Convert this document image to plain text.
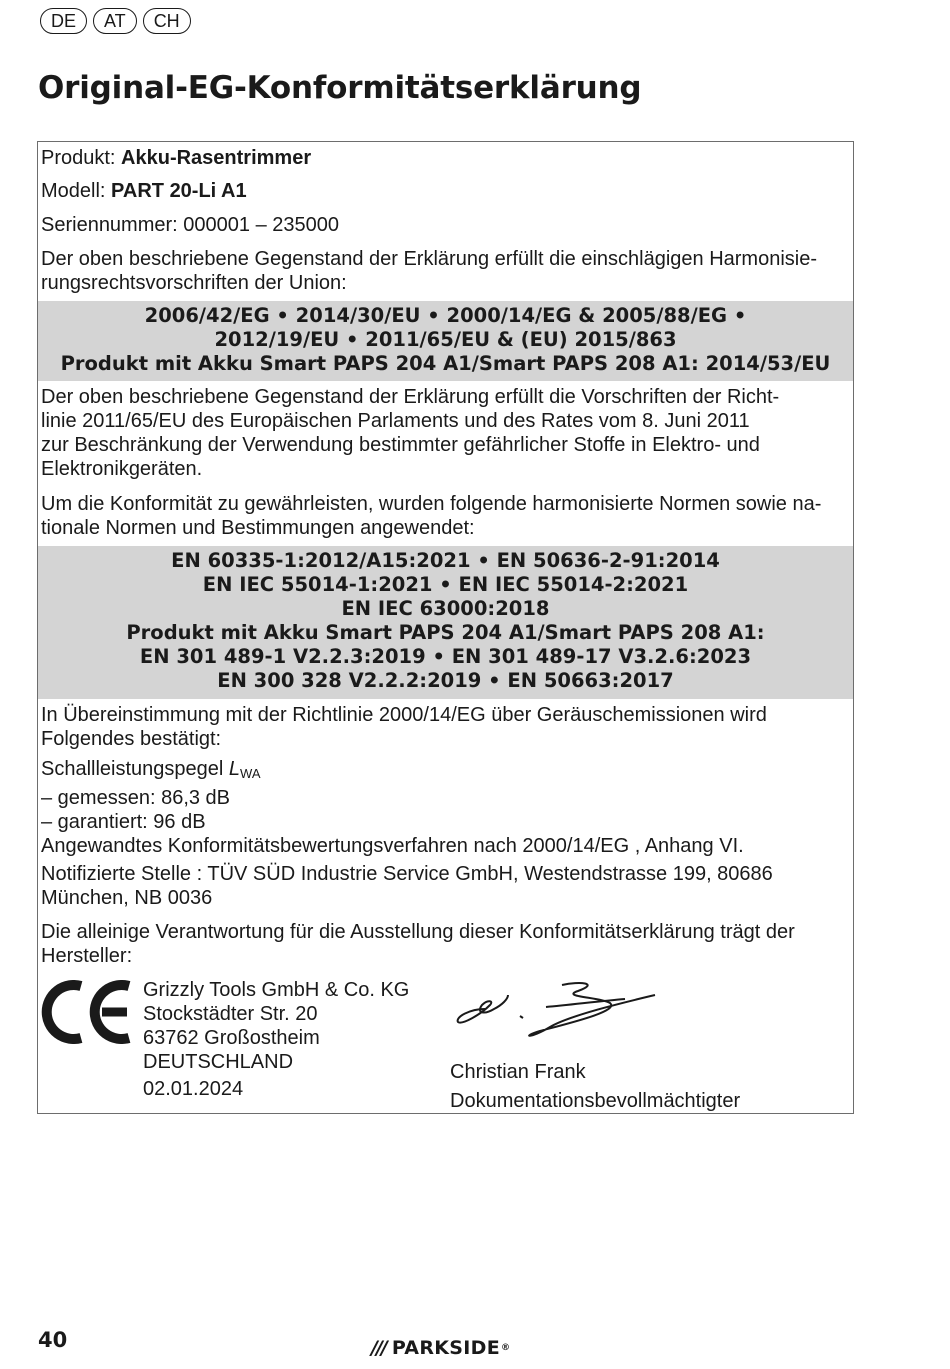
DE	AT	CH
Original-EG-Konformitätserklärung
Produkt: Akku-Rasentrimmer
Modell: PART 20-Li A1
Seriennummer: 000001 – 235000
Der oben beschriebene Gegenstand der Erklärung erfüllt die einschlägigen Harmonisie-
rungsrechtsvorschriften der Union:
2006/42/EG • 2014/30/EU • 2000/14/EG & 2005/88/EG •
2012/19/EU • 2011/65/EU & (EU) 2015/863
Produkt mit Akku Smart PAPS 204 A1/Smart PAPS 208 A1: 2014/53/EU
Der oben beschriebene Gegenstand der Erklärung erfüllt die Vorschriften der Richt-
linie 2011/65/EU des Europäischen Parlaments und des Rates vom 8. Juni 2011
zur Beschränkung der Verwendung bestimmter gefährlicher Stoffe in Elektro- und
Elektronikgeräten.
Um die Konformität zu gewährleisten, wurden folgende harmonisierte Normen sowie na-
tionale Normen und Bestimmungen angewendet:
EN 60335-1:2012/A15:2021 • EN 50636-2-91:2014
EN IEC 55014-1:2021 • EN IEC 55014-2:2021
EN IEC 63000:2018
Produkt mit Akku Smart PAPS 204 A1/Smart PAPS 208 A1:
EN 301 489-1 V2.2.3:2019 • EN 301 489-17 V3.2.6:2023
EN 300 328 V2.2.2:2019 • EN 50663:2017
In Übereinstimmung mit der Richtlinie 2000/14/EG über Geräuschemissionen wird
Folgendes bestätigt:
Schallleistungspegel $L_{WA}$
– gemessen: 86,3 dB
– garantiert: 96 dB
Angewandtes Konformitätsbewertungsverfahren nach 2000/14/EG , Anhang VI.
Notifizierte Stelle : TÜV SÜD Industrie Service GmbH, Westendstrasse 199, 80686
München, NB 0036
Die alleinige Verantwortung für die Ausstellung dieser Konformitätserklärung trägt der
Hersteller:
Grizzly Tools GmbH & Co. KG
Stockstädter Str. 20
63762 Großostheim
DEUTSCHLAND
02.01.2024
Christian Frank
Dokumentationsbevollmächtigter
40	/// PARKSIDE ®
